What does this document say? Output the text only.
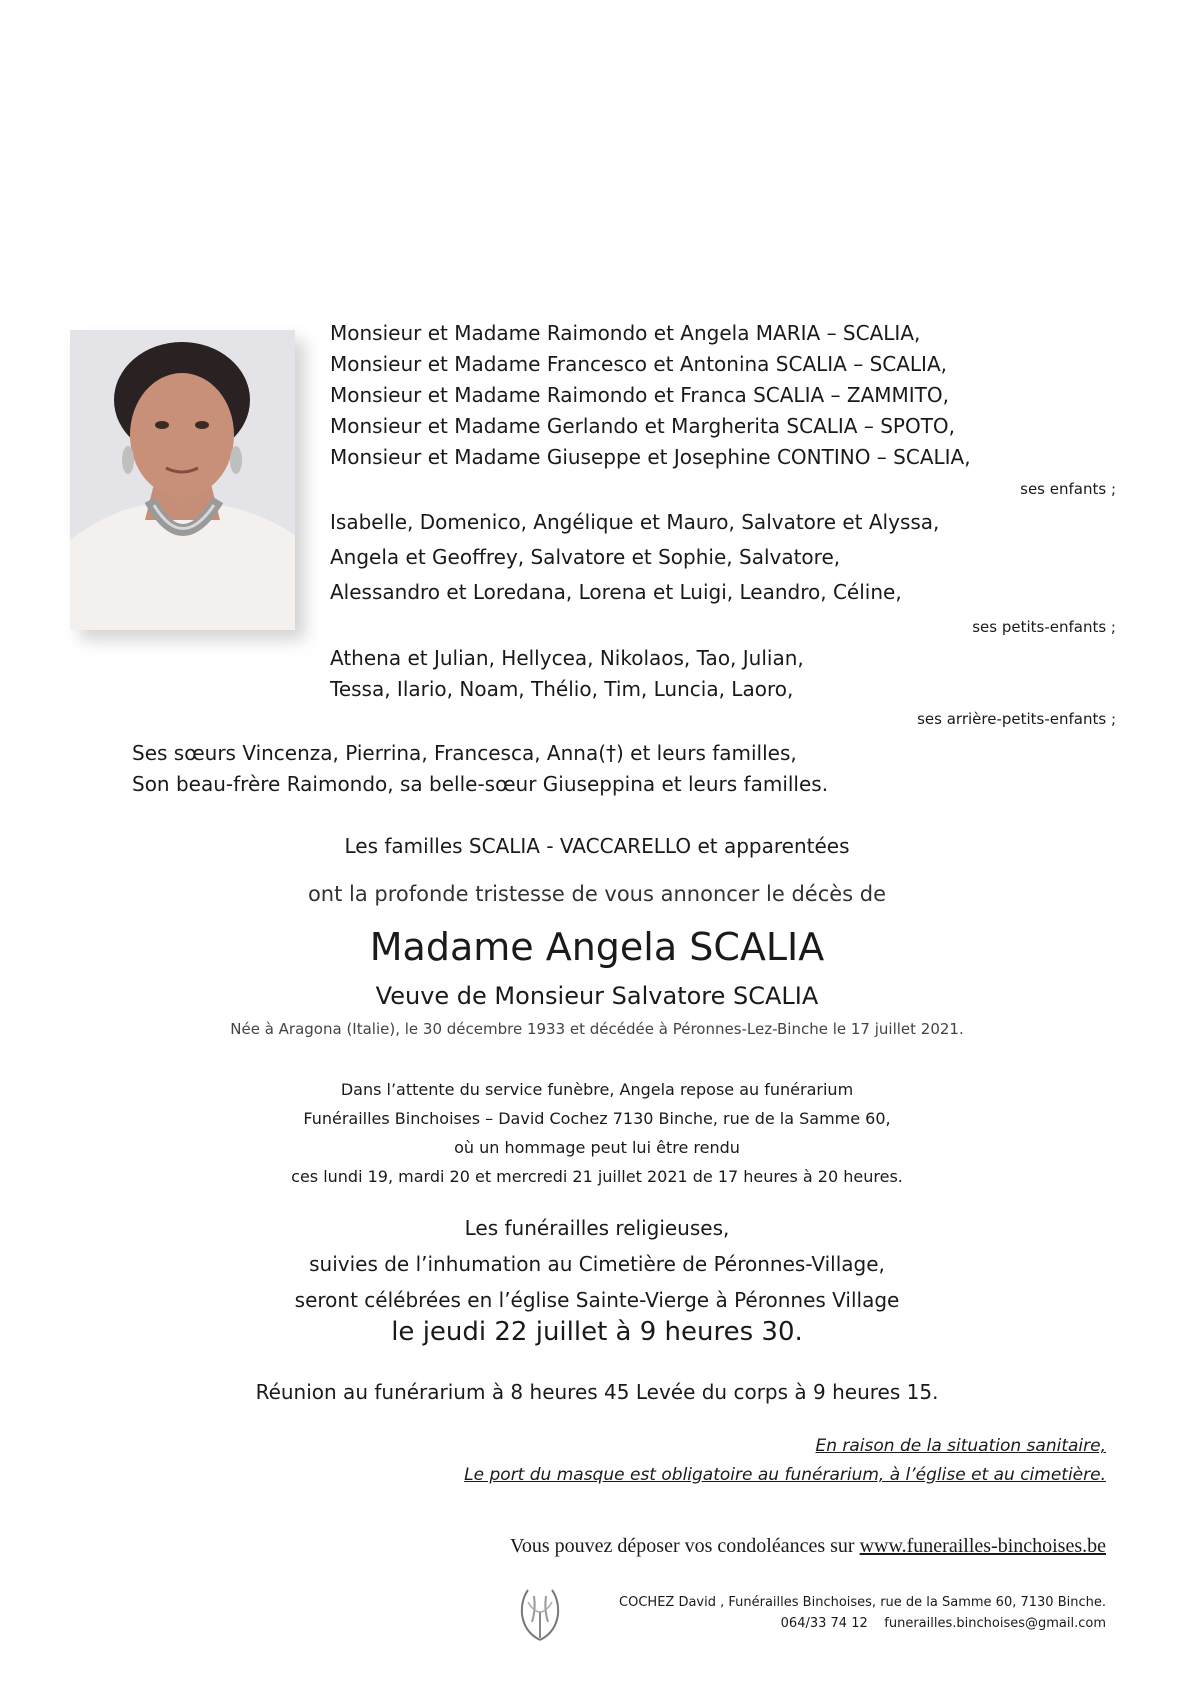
Monsieur et Madame Raimondo et Angela MARIA – SCALIA,
Monsieur et Madame Francesco et Antonina SCALIA – SCALIA,
Monsieur et Madame Raimondo et Franca SCALIA – ZAMMITO,
Monsieur et Madame Gerlando et Margherita SCALIA – SPOTO,
Monsieur et Madame Giuseppe et Josephine CONTINO – SCALIA,
ses enfants ;
Isabelle, Domenico, Angélique et Mauro, Salvatore et Alyssa,
Angela et Geoffrey, Salvatore et Sophie, Salvatore,
Alessandro et Loredana, Lorena et Luigi, Leandro, Céline,
ses petits-enfants ;
Athena et Julian, Hellycea, Nikolaos, Tao, Julian,
Tessa, Ilario, Noam, Thélio, Tim, Luncia, Laoro,
ses arrière-petits-enfants ;
Ses sœurs Vincenza, Pierrina, Francesca, Anna(†) et leurs familles,
Son beau-frère Raimondo, sa belle-sœur Giuseppina et leurs familles.
Les familles SCALIA - VACCARELLO et apparentées
ont la profonde tristesse de vous annoncer le décès de
Madame Angela SCALIA
Veuve de Monsieur Salvatore SCALIA
Née à Aragona (Italie), le 30 décembre 1933 et décédée à Péronnes-Lez-Binche le 17 juillet 2021.
Dans l’attente du service funèbre, Angela repose au funérarium
Funérailles Binchoises – David Cochez 7130 Binche, rue de la Samme 60,
où un hommage peut lui être rendu
ces lundi 19, mardi 20 et mercredi 21 juillet 2021 de 17 heures à 20 heures.
Les funérailles religieuses,
suivies de l’inhumation au Cimetière de Péronnes-Village,
seront célébrées en l’église Sainte-Vierge à Péronnes Village
le jeudi 22 juillet à 9 heures 30.
Réunion au funérarium à 8 heures 45 Levée du corps à 9 heures 15.
En raison de la situation sanitaire,
Le port du masque est obligatoire au funérarium, à l’église et au cimetière.
Vous pouvez déposer vos condoléances sur www.funerailles-binchoises.be
COCHEZ David , Funérailles Binchoises, rue de la Samme 60, 7130 Binche.
064/33 74 12 funerailles.binchoises@gmail.com
